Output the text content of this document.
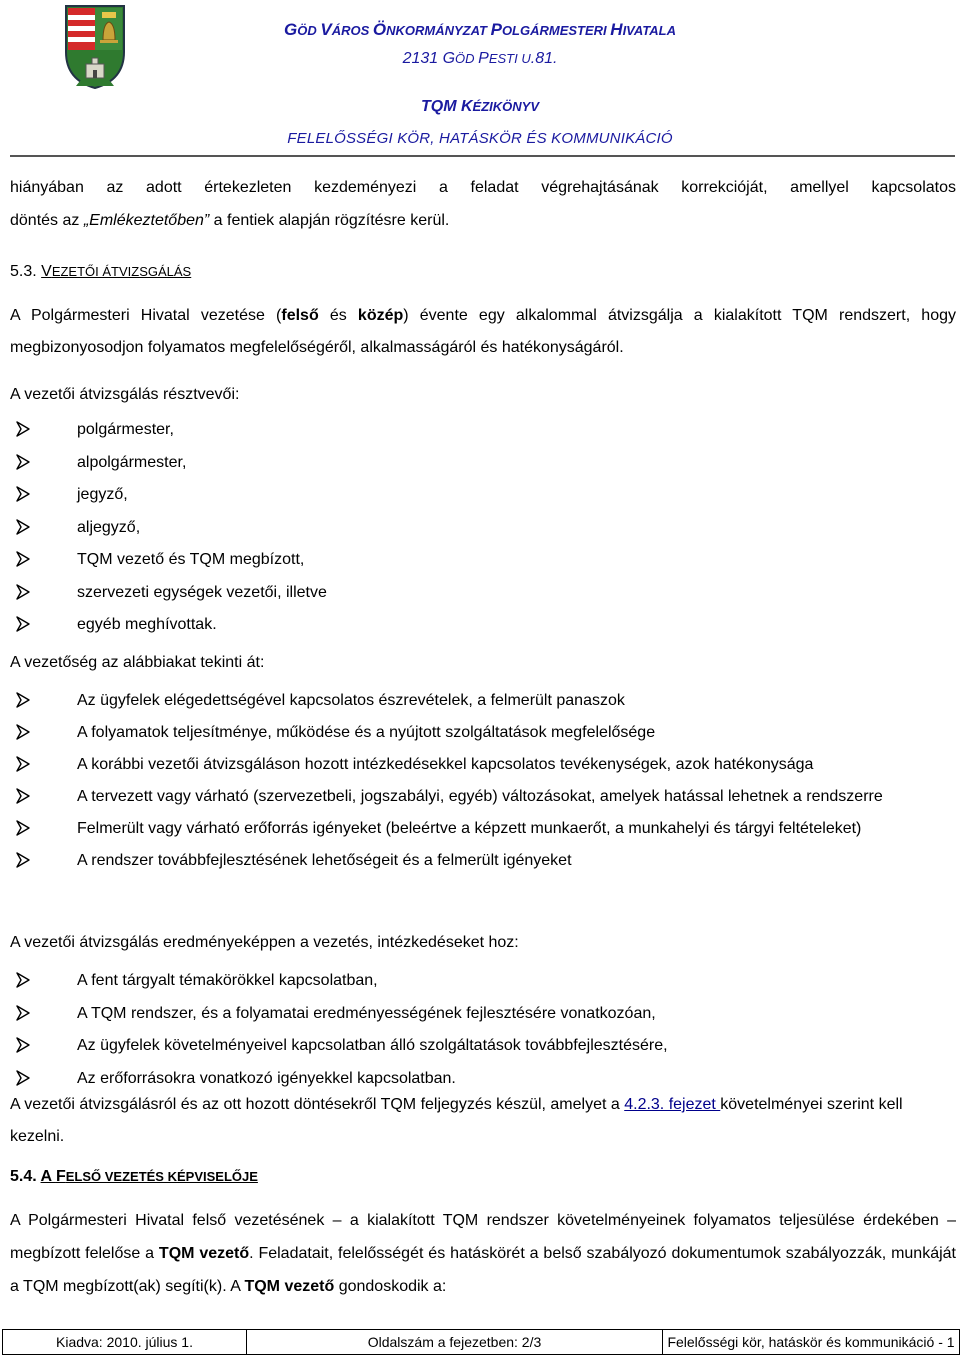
GÖD VÁROS ÖNKORMÁNYZAT POLGÁRMESTERI HIVATALA
2131 GÖD PESTI U.81.
TQM KÉZIKÖNYV
FELELŐSSÉGI KÖR, HATÁSKÖR ÉS KOMMUNIKÁCIÓ

hiányában az adott értekezleten kezdeményezi a feladat végrehajtásának korrekcióját, amellyel kapcsolatos

döntés az „Emlékeztetőben” a fentiek alapján rögzítésre kerül.

5.3. VEZETŐI ÁTVIZSGÁLÁS

A Polgármesteri Hivatal vezetése (felső és közép) évente egy alkalommal átvizsgálja a kialakított TQM rendszert, hogy megbizonyosodjon folyamatos megfelelőségéről, alkalmasságáról és hatékonyságáról.

A vezetői átvizsgálás résztvevői:

polgármester,
alpolgármester,
jegyző,
aljegyző,
TQM vezető és TQM megbízott,
szervezeti egységek vezetői, illetve
egyéb meghívottak.

A vezetőség az alábbiakat tekinti át:

Az ügyfelek elégedettségével kapcsolatos észrevételek, a felmerült panaszok
A folyamatok teljesítménye, működése és a nyújtott szolgáltatások megfelelősége
A korábbi vezetői átvizsgáláson hozott intézkedésekkel kapcsolatos tevékenységek, azok hatékonysága
A tervezett vagy várható (szervezetbeli, jogszabályi, egyéb) változásokat, amelyek hatással lehetnek a rendszerre
Felmerült vagy várható erőforrás igényeket (beleértve a képzett munkaerőt, a munkahelyi és tárgyi feltételeket)
A rendszer továbbfejlesztésének lehetőségeit és a felmerült igényeket

A vezetői átvizsgálás eredményeképpen a vezetés, intézkedéseket hoz:

A fent tárgyalt témakörökkel kapcsolatban,
A TQM rendszer, és a folyamatai eredményességének fejlesztésére vonatkozóan,
Az ügyfelek követelményeivel kapcsolatban álló szolgáltatások továbbfejlesztésére,
Az erőforrásokra vonatkozó igényekkel kapcsolatban.

A vezetői átvizsgálásról és az ott hozott döntésekről TQM feljegyzés készül, amelyet a 4.2.3. fejezet követelményei szerint kell kezelni.

5.4. A FELSŐ VEZETÉS KÉPVISELŐJE

A Polgármesteri Hivatal felső vezetésének – a kialakított TQM rendszer követelményeinek folyamatos teljesülése érdekében – megbízott felelőse a TQM vezető. Feladatait, felelősségét és hatáskörét a belső szabályozó dokumentumok szabályozzák, munkáját a TQM megbízott(ak) segíti(k). A TQM vezető gondoskodik a:

Kiadva: 2010. július 1.	Oldalszám a fejezetben: 2/3	Felelősségi kör, hatáskör és kommunikáció - 1
